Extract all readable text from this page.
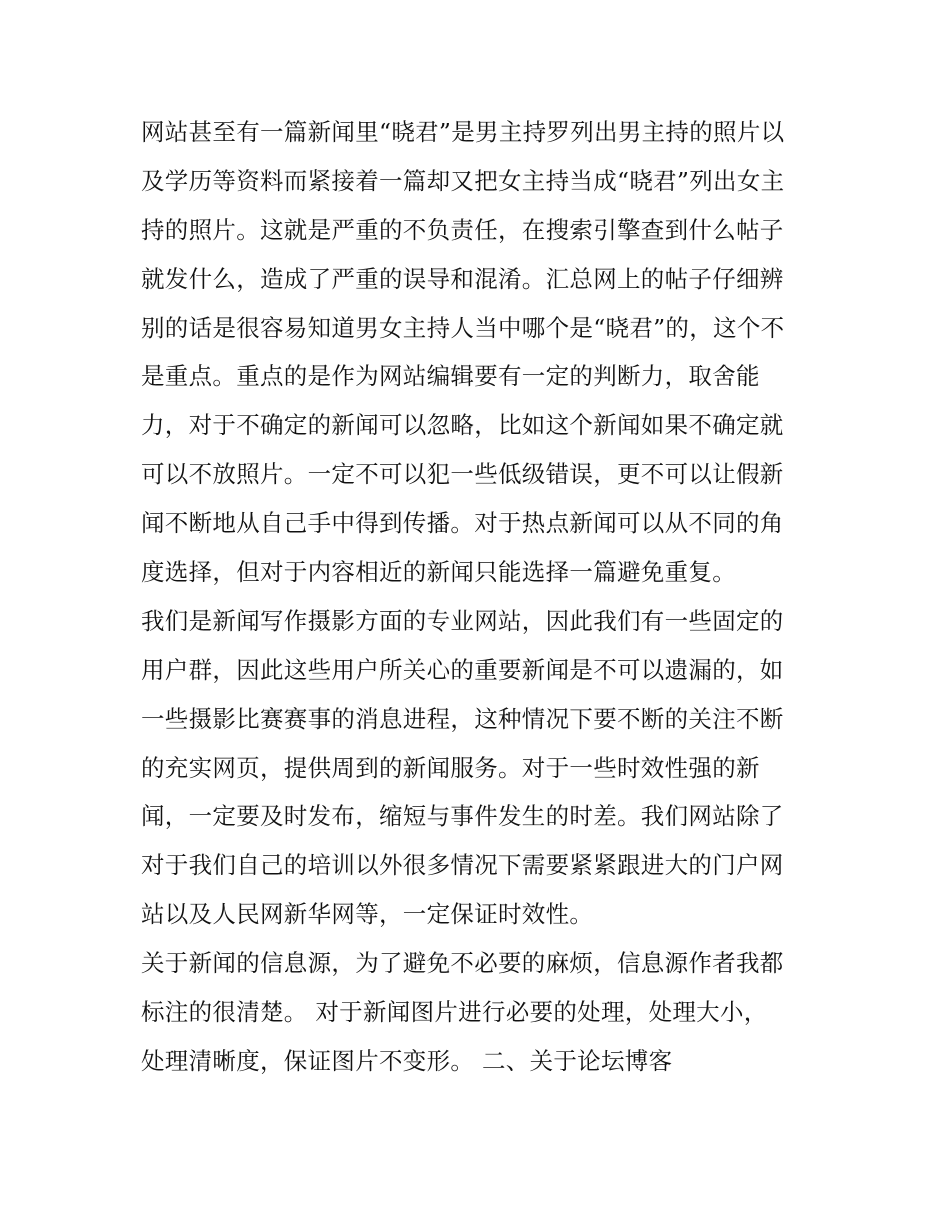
网站甚至有一篇新闻里“晓君”是男主持罗列出男主持的照片以
及学历等资料而紧接着一篇却又把女主持当成“晓君”列出女主
持的照片。这就是严重的不负责任，在搜索引擎查到什么帖子
就发什么，造成了严重的误导和混淆。汇总网上的帖子仔细辨
别的话是很容易知道男女主持人当中哪个是“晓君”的，这个不
是重点。重点的是作为网站编辑要有一定的判断力，取舍能
力，对于不确定的新闻可以忽略，比如这个新闻如果不确定就
可以不放照片。一定不可以犯一些低级错误，更不可以让假新
闻不断地从自己手中得到传播。对于热点新闻可以从不同的角
度选择，但对于内容相近的新闻只能选择一篇避免重复。
我们是新闻写作摄影方面的专业网站，因此我们有一些固定的
用户群，因此这些用户所关心的重要新闻是不可以遗漏的，如
一些摄影比赛赛事的消息进程，这种情况下要不断的关注不断
的充实网页，提供周到的新闻服务。对于一些时效性强的新
闻，一定要及时发布，缩短与事件发生的时差。我们网站除了
对于我们自己的培训以外很多情况下需要紧紧跟进大的门户网
站以及人民网新华网等，一定保证时效性。
关于新闻的信息源，为了避免不必要的麻烦，信息源作者我都
标注的很清楚。 对于新闻图片进行必要的处理，处理大小，
处理清晰度，保证图片不变形。 二、关于论坛博客
